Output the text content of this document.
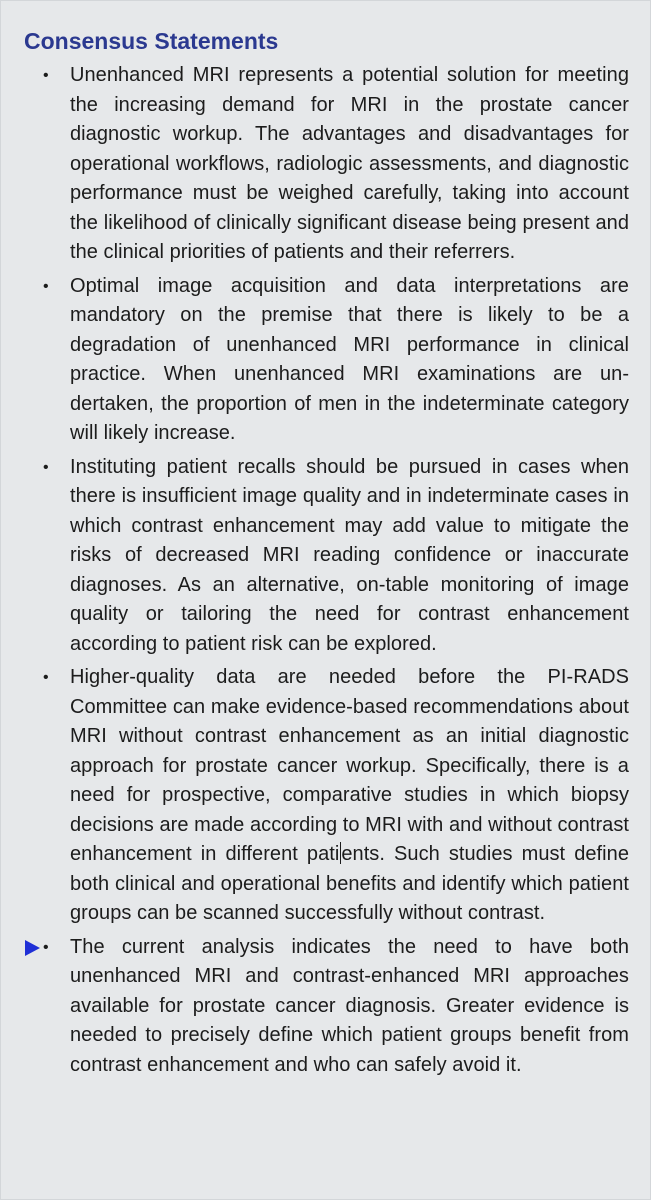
Consensus Statements
• Unenhanced MRI represents a potential solution for meeting the increasing demand for MRI in the prostate cancer diagnostic workup. The advantages and disadvantages for operational workflows, radiologic assessments, and diagnostic performance must be weighed carefully, taking into account the likelihood of clinically significant disease being present and the clinical priorities of patients and their referrers.
• Optimal image acquisition and data interpretations are mandatory on the premise that there is likely to be a degradation of unenhanced MRI performance in clinical practice. When unenhanced MRI examinations are undertaken, the proportion of men in the indeterminate category will likely increase.
• Instituting patient recalls should be pursued in cases when there is insufficient image quality and in indeterminate cases in which contrast enhancement may add value to mitigate the risks of decreased MRI reading confidence or inaccurate diagnoses. As an alternative, on-table monitoring of image quality or tailoring the need for contrast enhancement according to patient risk can be explored.
• Higher-quality data are needed before the PI-RADS Committee can make evidence-based recommendations about MRI without contrast enhancement as an initial diagnostic approach for prostate cancer workup. Specifically, there is a need for prospective, comparative studies in which biopsy decisions are made according to MRI with and without contrast enhancement in different pati ents. Such studies must define both clinical and operational benefits and identify which patient groups can be scanned successfully without contrast.
• The current analysis indicates the need to have both unenhanced MRI and contrast-enhanced MRI approaches available for prostate cancer diagnosis. Greater evidence is needed to precisely define which patient groups benefit from contrast enhancement and who can safely avoid it.
